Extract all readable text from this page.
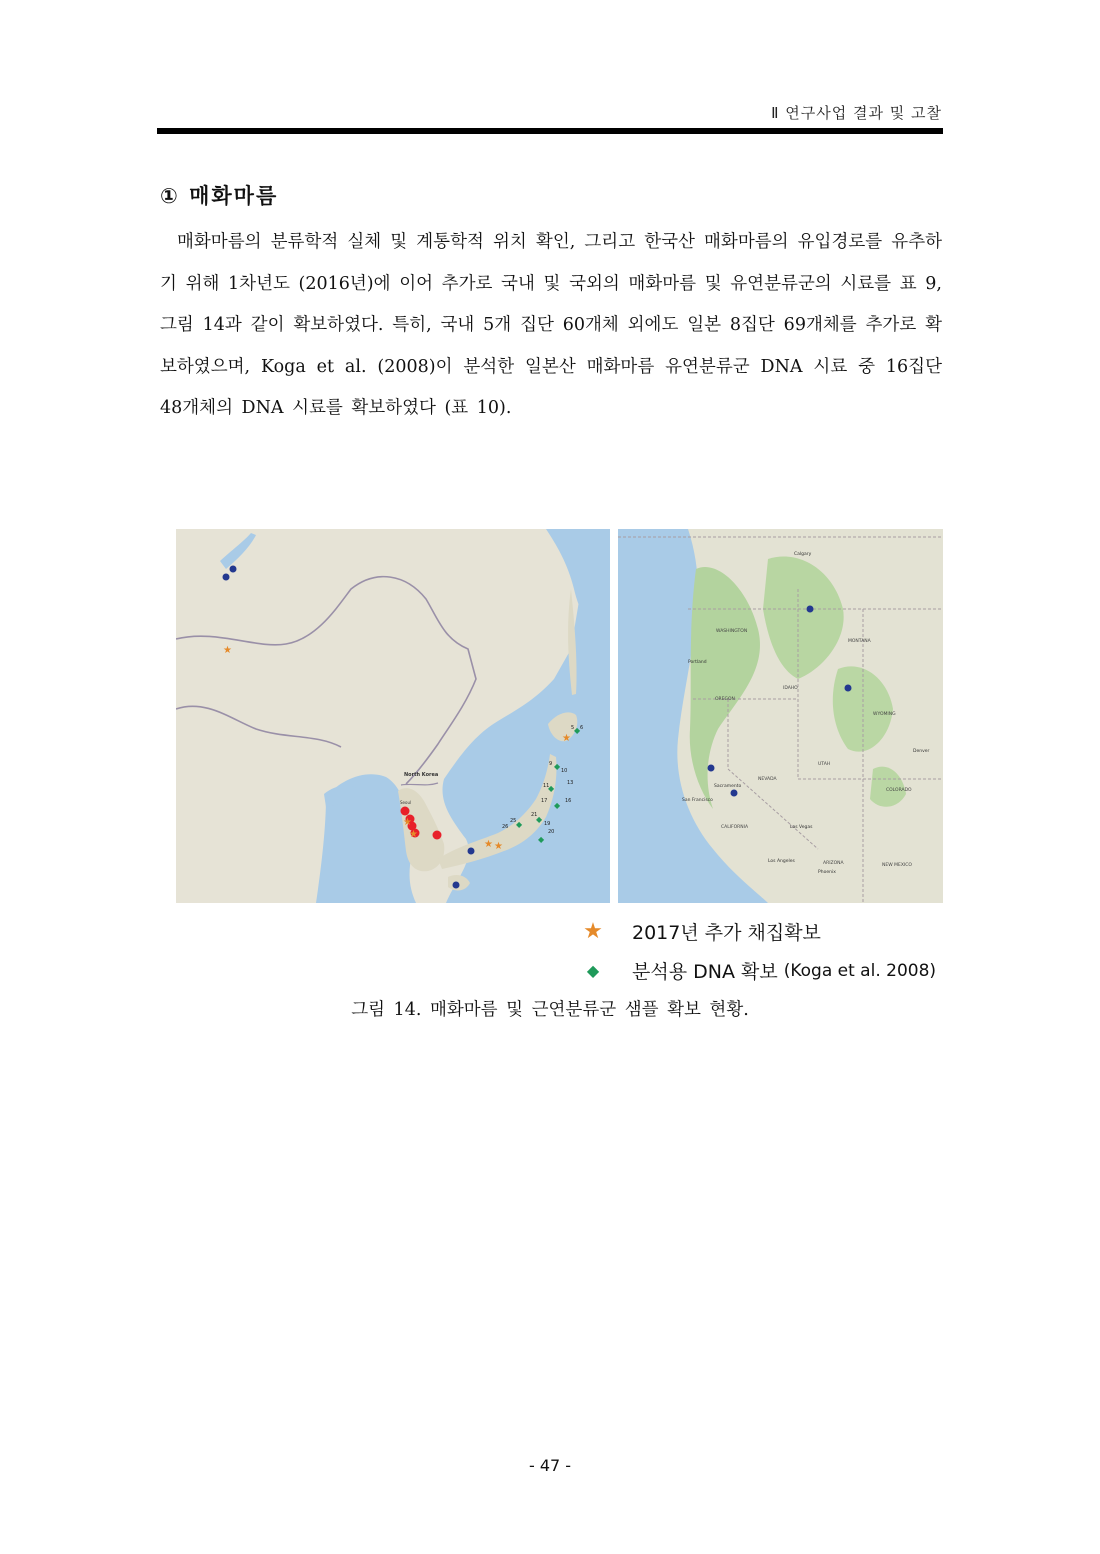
Ⅱ 연구사업 결과 및 고찰
① 매화마름

매화마름의 분류학적 실체 및 계통학적 위치 확인, 그리고 한국산 매화마름의 유입경로를 유추하기 위해 1차년도 (2016년)에 이어 추가로 국내 및 국외의 매화마름 및 유연분류군의 시료를 표 9, 그림 14과 같이 확보하였다. 특히, 국내 5개 집단 60개체 외에도 일본 8집단 69개체를 추가로 확보하였으며, Koga et al. (2008)이 분석한 일본산 매화마름 유연분류군 DNA 시료 중 16집단 48개체의 DNA 시료를 확보하였다 (표 10).

★
★
★
★ ★
★
◆
◆
◆
◆
◆
◆
◆
North Korea
Seoul
5 6
9
10
11	13
17	16
21
25	19
20
26
WASHINGTON
OREGON
NEVADA
MONTANA
WYOMING
CALIFORNIA
ARIZONA	NEW MEXICO
UTAH
COLORADO
IDAHO
San Francisco
Las Vegas
Los Angeles
Phoenix
Calgary
Denver
Portland
Sacramento
★ 2017년 추가 채집확보
◆ 분석용 DNA 확보 (Koga et al. 2008)
그림 14. 매화마름 및 근연분류군 샘플 확보 현황.
- 47 -
